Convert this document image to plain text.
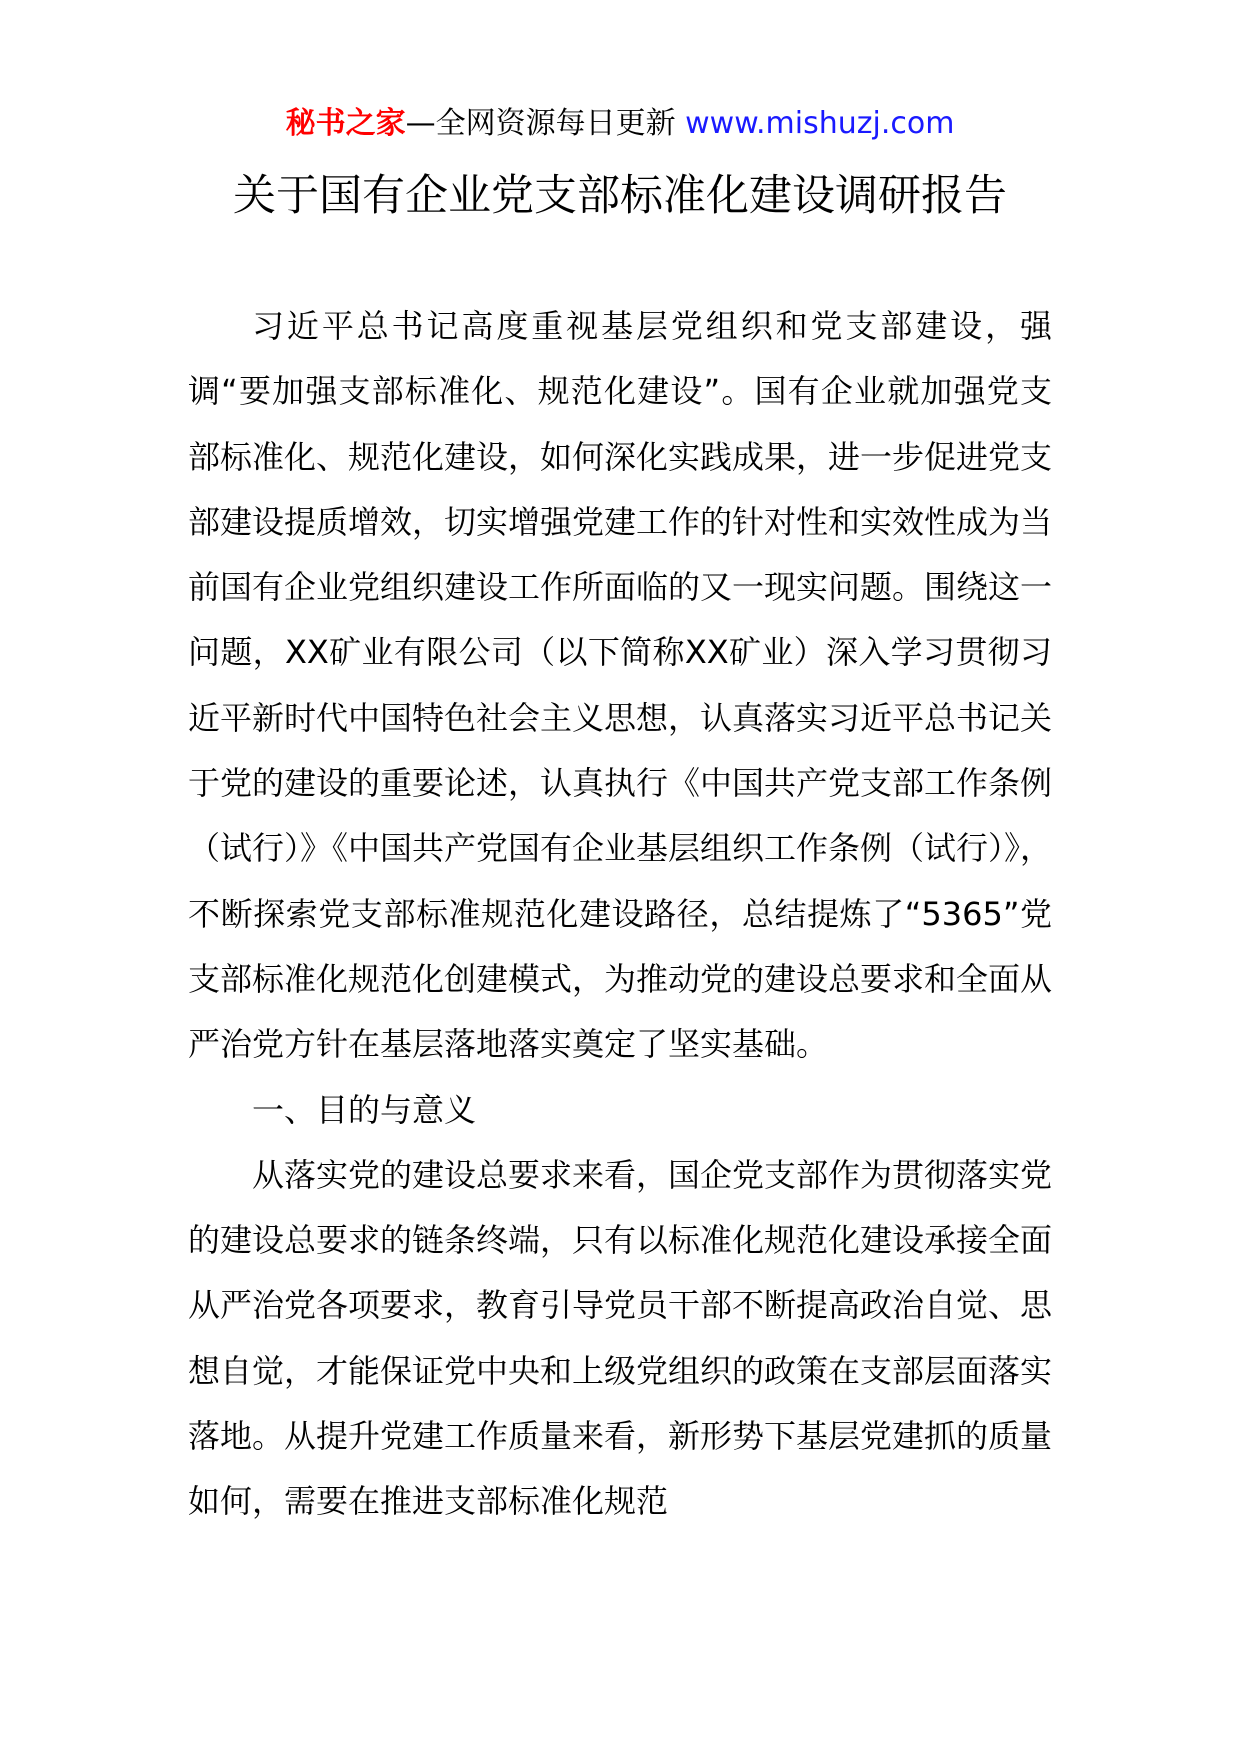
秘书之家—全网资源每日更新 www.mishuzj.com
关于国有企业党支部标准化建设调研报告

习近平总书记高度重视基层党组织和党支部建设，强调“要加强支部标准化、规范化建设”。国有企业就加强党支部标准化、规范化建设，如何深化实践成果，进一步促进党支部建设提质增效，切实增强党建工作的针对性和实效性成为当前国有企业党组织建设工作所面临的又一现实问题。围绕这一问题，XX矿业有限公司（以下简称XX矿业）深入学习贯彻习近平新时代中国特色社会主义思想，认真落实习近平总书记关于党的建设的重要论述，认真执行《中国共产党支部工作条例（试行）》《中国共产党国有企业基层组织工作条例（试行）》，不断探索党支部标准规范化建设路径，总结提炼了“5365”党支部标准化规范化创建模式，为推动党的建设总要求和全面从严治党方针在基层落地落实奠定了坚实基础。

一、目的与意义

从落实党的建设总要求来看，国企党支部作为贯彻落实党的建设总要求的链条终端，只有以标准化规范化建设承接全面从严治党各项要求，教育引导党员干部不断提高政治自觉、思想自觉，才能保证党中央和上级党组织的政策在支部层面落实落地。从提升党建工作质量来看，新形势下基层党建抓的质量如何，需要在推进支部标准化规范
